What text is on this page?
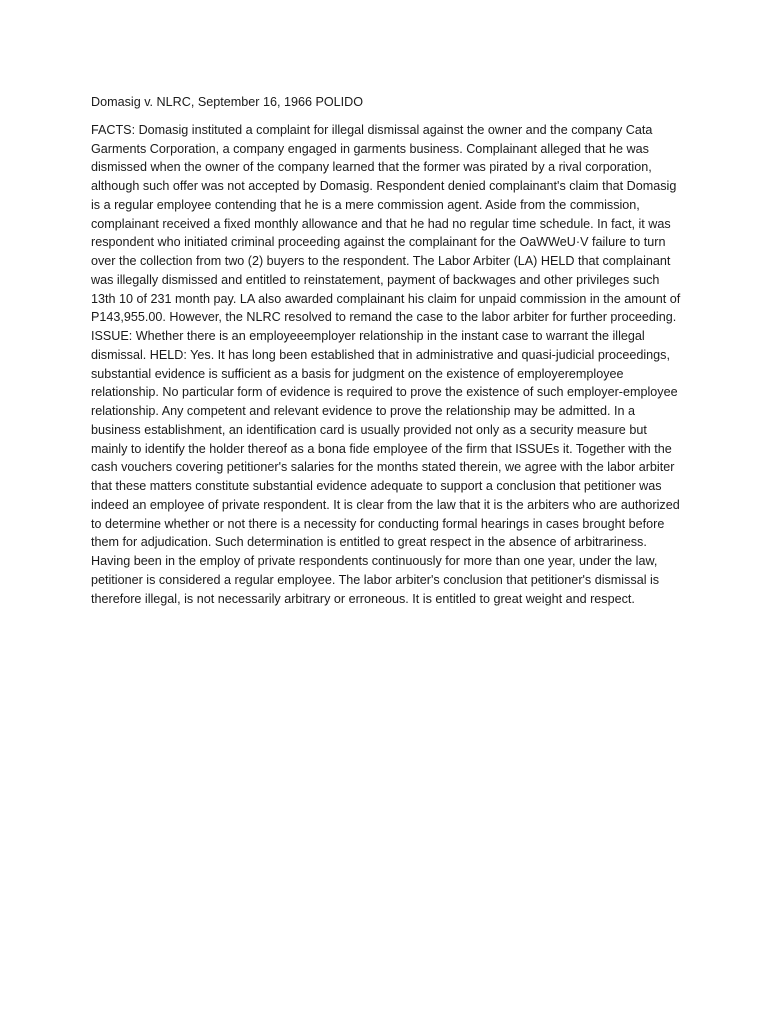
Domasig v. NLRC, September 16, 1966 POLIDO

FACTS: Domasig instituted a complaint for illegal dismissal against the owner and the company Cata Garments Corporation, a company engaged in garments business. Complainant alleged that he was dismissed when the owner of the company learned that the former was pirated by a rival corporation, although such offer was not accepted by Domasig. Respondent denied complainant's claim that Domasig is a regular employee contending that he is a mere commission agent. Aside from the commission, complainant received a fixed monthly allowance and that he had no regular time schedule. In fact, it was respondent who initiated criminal proceeding against the complainant for the OaWWeU·V failure to turn over the collection from two (2) buyers to the respondent. The Labor Arbiter (LA) HELD that complainant was illegally dismissed and entitled to reinstatement, payment of backwages and other privileges such 13th 10 of 231 month pay. LA also awarded complainant his claim for unpaid commission in the amount of P143,955.00. However, the NLRC resolved to remand the case to the labor arbiter for further proceeding. ISSUE: Whether there is an employeeemployer relationship in the instant case to warrant the illegal dismissal. HELD: Yes. It has long been established that in administrative and quasi-judicial proceedings, substantial evidence is sufficient as a basis for judgment on the existence of employeremployee relationship. No particular form of evidence is required to prove the existence of such employer-employee relationship. Any competent and relevant evidence to prove the relationship may be admitted. In a business establishment, an identification card is usually provided not only as a security measure but mainly to identify the holder thereof as a bona fide employee of the firm that ISSUEs it. Together with the cash vouchers covering petitioner's salaries for the months stated therein, we agree with the labor arbiter that these matters constitute substantial evidence adequate to support a conclusion that petitioner was indeed an employee of private respondent. It is clear from the law that it is the arbiters who are authorized to determine whether or not there is a necessity for conducting formal hearings in cases brought before them for adjudication. Such determination is entitled to great respect in the absence of arbitrariness. Having been in the employ of private respondents continuously for more than one year, under the law, petitioner is considered a regular employee. The labor arbiter's conclusion that petitioner's dismissal is therefore illegal, is not necessarily arbitrary or erroneous. It is entitled to great weight and respect.
